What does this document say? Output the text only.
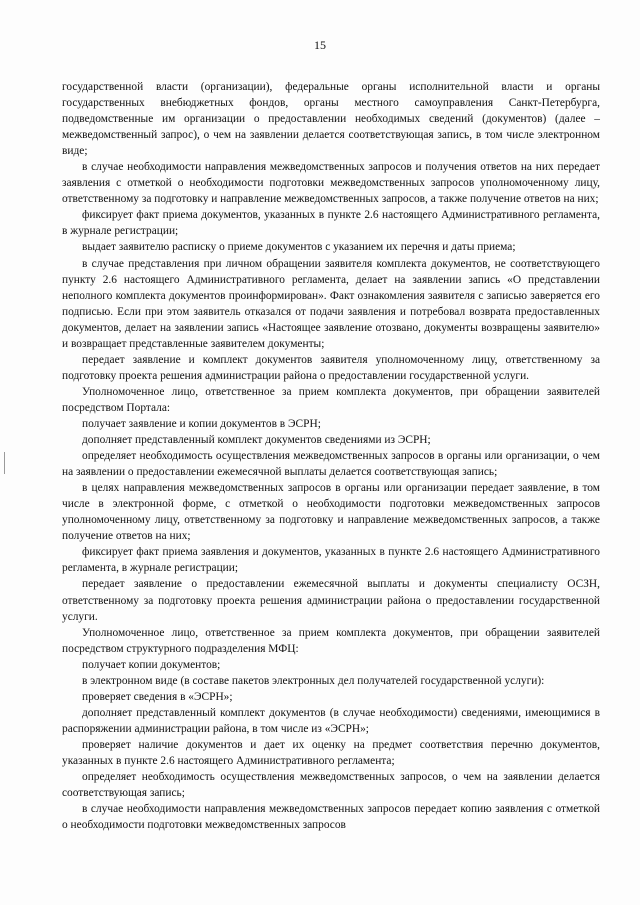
15

государственной власти (организации), федеральные органы исполнительной власти и органы государственных внебюджетных фондов, органы местного самоуправления Санкт-Петербурга, подведомственные им организации о предоставлении необходимых сведений (документов) (далее – межведомственный запрос), о чем на заявлении делается соответствующая запись, в том числе электронном виде;

в случае необходимости направления межведомственных запросов и получения ответов на них передает заявления с отметкой о необходимости подготовки межведомственных запросов уполномоченному лицу, ответственному за подготовку и направление межведомственных запросов, а также получение ответов на них;

фиксирует факт приема документов, указанных в пункте 2.6 настоящего Административного регламента, в журнале регистрации;

выдает заявителю расписку о приеме документов с указанием их перечня и даты приема;

в случае представления при личном обращении заявителя комплекта документов, не соответствующего пункту 2.6 настоящего Административного регламента, делает на заявлении запись «О представлении неполного комплекта документов проинформирован». Факт ознакомления заявителя с записью заверяется его подписью. Если при этом заявитель отказался от подачи заявления и потребовал возврата предоставленных документов, делает на заявлении запись «Настоящее заявление отозвано, документы возвращены заявителю» и возвращает представленные заявителем документы;

передает заявление и комплект документов заявителя уполномоченному лицу, ответственному за подготовку проекта решения администрации района о предоставлении государственной услуги.

Уполномоченное лицо, ответственное за прием комплекта документов, при обращении заявителей посредством Портала:

получает заявление и копии документов в ЭСРН;

дополняет представленный комплект документов сведениями из ЭСРН;

определяет необходимость осуществления межведомственных запросов в органы или организации, о чем на заявлении о предоставлении ежемесячной выплаты делается соответствующая запись;

в целях направления межведомственных запросов в органы или организации передает заявление, в том числе в электронной форме, с отметкой о необходимости подготовки межведомственных запросов уполномоченному лицу, ответственному за подготовку и направление межведомственных запросов, а также получение ответов на них;

фиксирует факт приема заявления и документов, указанных в пункте 2.6 настоящего Административного регламента, в журнале регистрации;

передает заявление о предоставлении ежемесячной выплаты и документы специалисту ОСЗН, ответственному за подготовку проекта решения администрации района о предоставлении государственной услуги.

Уполномоченное лицо, ответственное за прием комплекта документов, при обращении заявителей посредством структурного подразделения МФЦ:

получает копии документов;

в электронном виде (в составе пакетов электронных дел получателей государственной услуги):

проверяет сведения в «ЭСРН»;

дополняет представленный комплект документов (в случае необходимости) сведениями, имеющимися в распоряжении администрации района, в том числе из «ЭСРН»;

проверяет наличие документов и дает их оценку на предмет соответствия перечню документов, указанных в пункте 2.6 настоящего Административного регламента;

определяет необходимость осуществления межведомственных запросов, о чем на заявлении делается соответствующая запись;

в случае необходимости направления межведомственных запросов передает копию заявления с отметкой о необходимости подготовки межведомственных запросов
